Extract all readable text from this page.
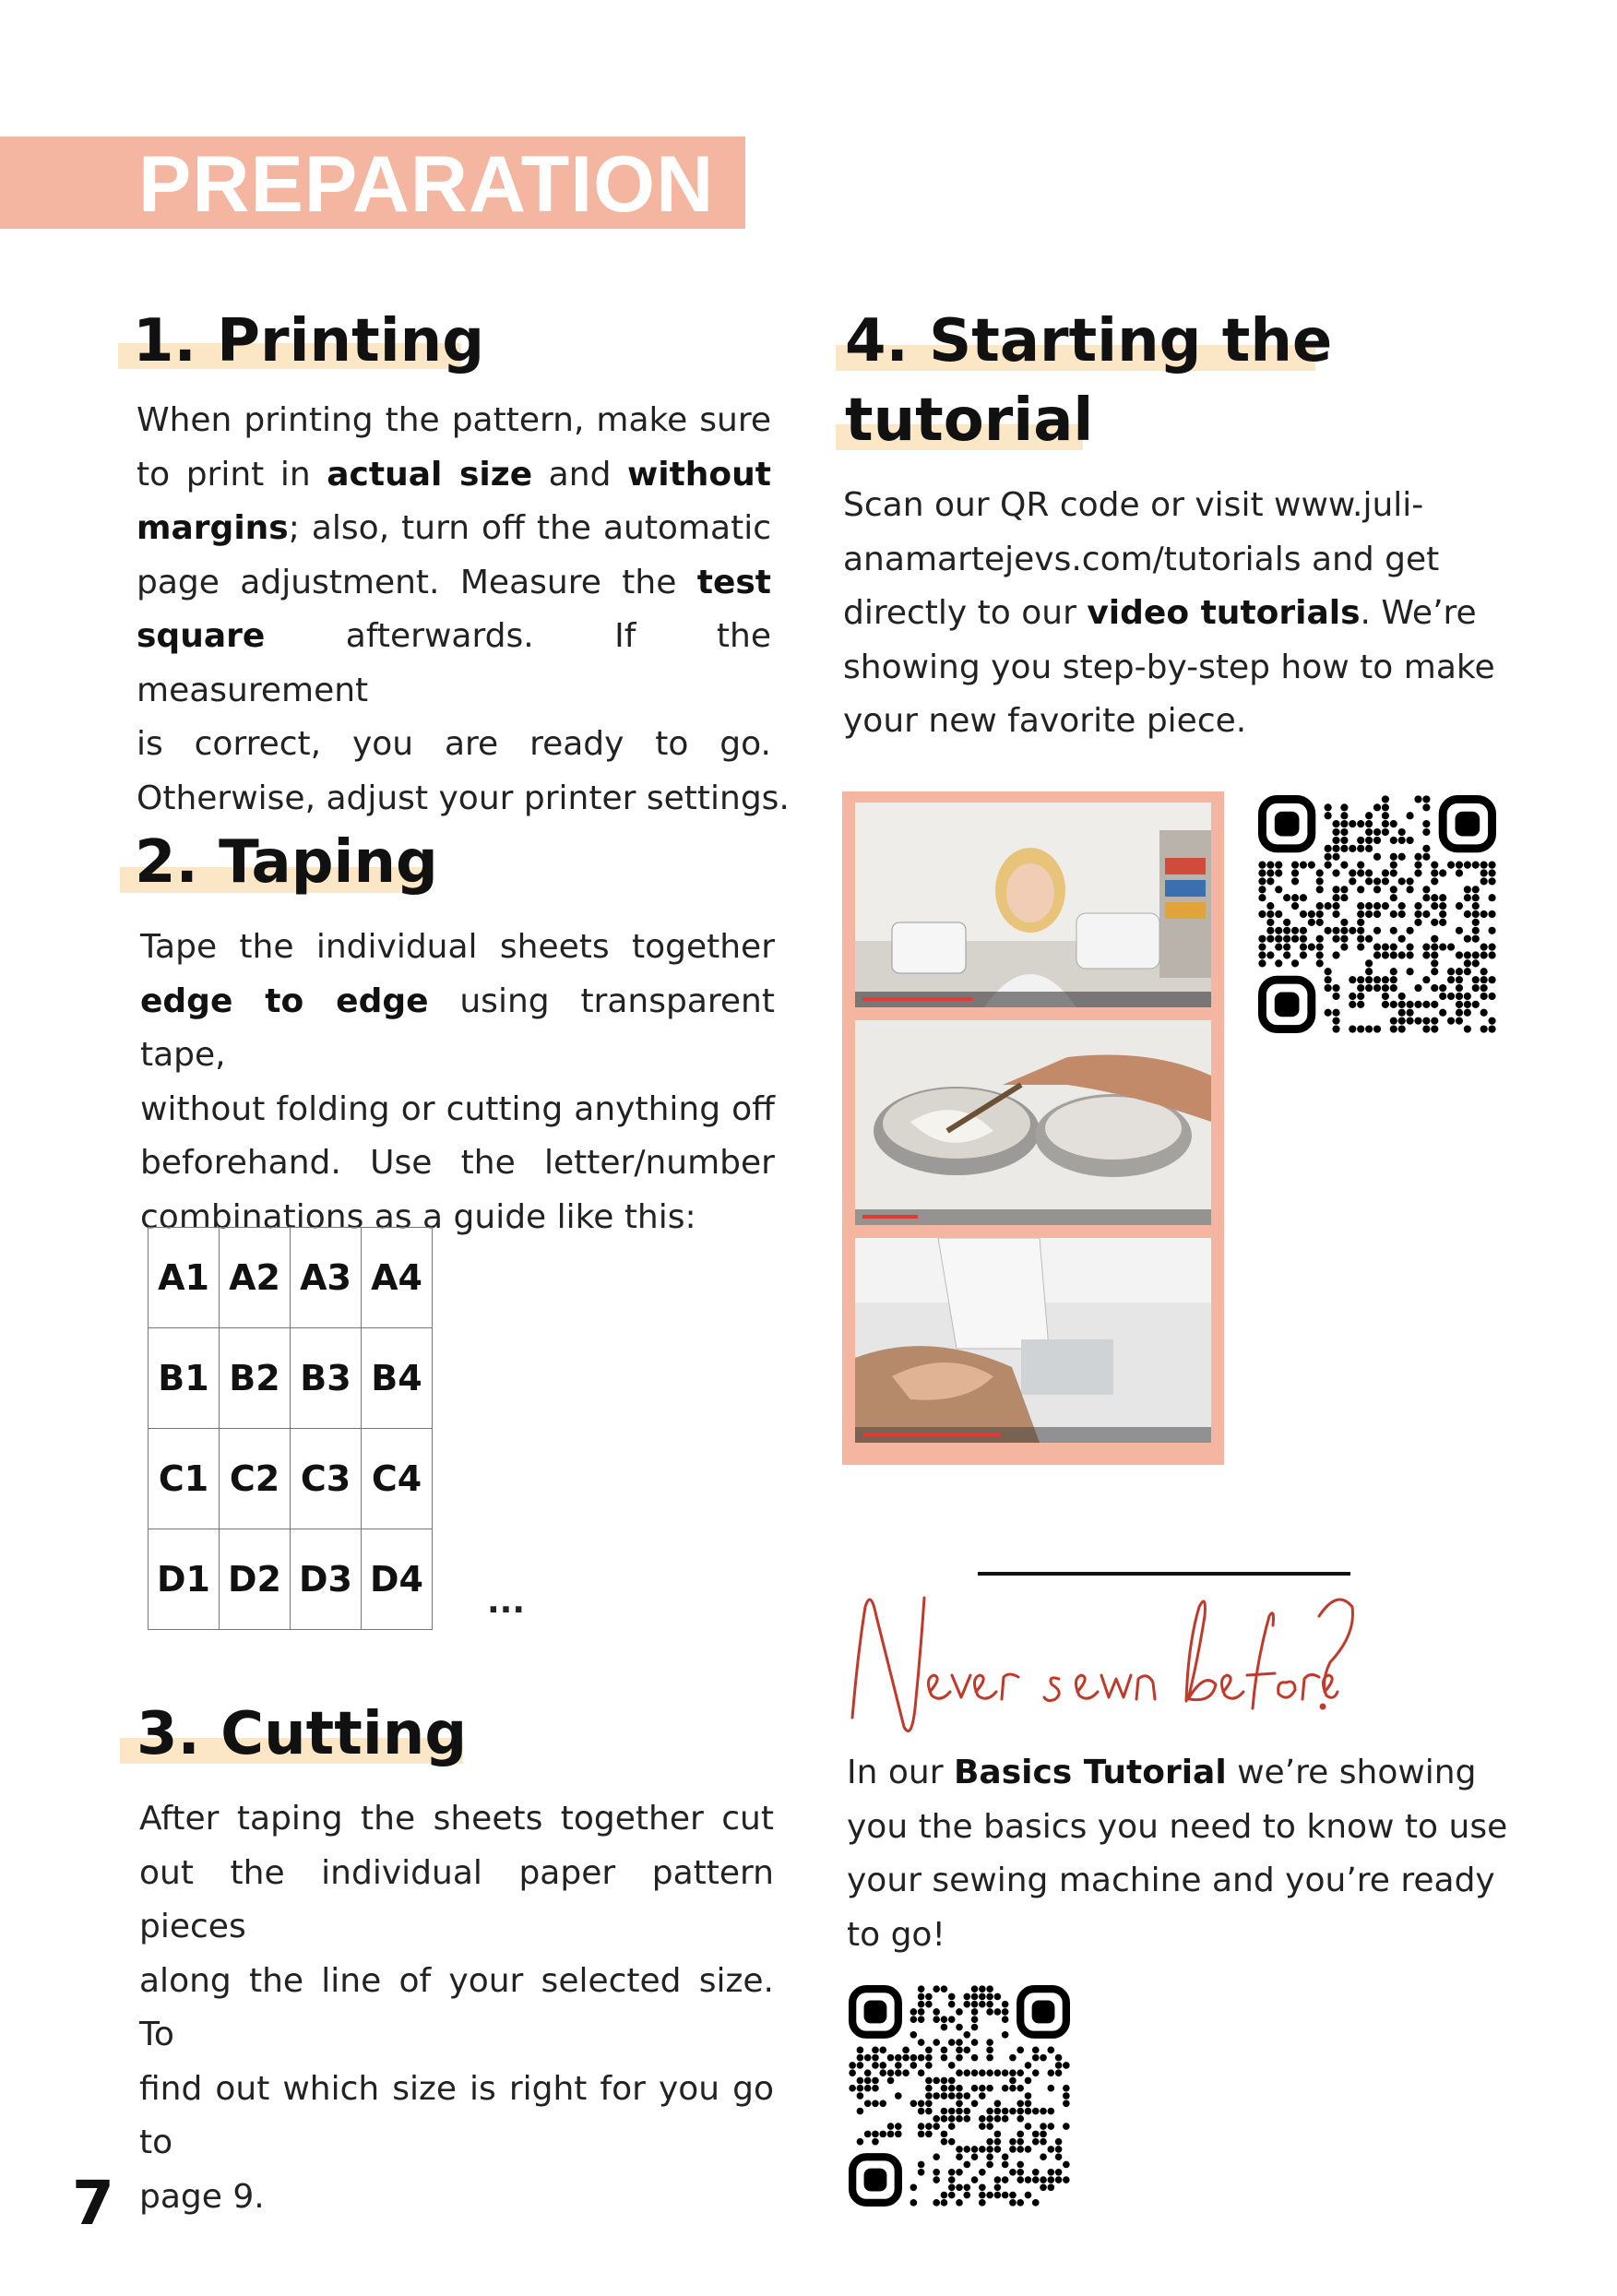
PREPARATION
1. Printing
When printing the pattern, make sure
to print in actual size and without
margins; also, turn off the automatic
page adjustment. Measure the test
square afterwards. If the measurement
is correct, you are ready to go.
Otherwise, adjust your printer settings.
2. Taping
Tape the individual sheets together
edge to edge using transparent tape,
without folding or cutting anything off
beforehand. Use the letter/number
combinations as a guide like this:
A1	A2	A3	A4
B1	B2	B3	B4
C1	C2	C3	C4
D1	D2	D3	D4
...
3. Cutting
After taping the sheets together cut
out the individual paper pattern pieces
along the line of your selected size. To
find out which size is right for you go to
page 9.
4. Starting the
tutorial
Scan our QR code or visit www.juli-
anamartejevs.com/tutorials and get
directly to our video tutorials. We’re
showing you step-by-step how to make
your new favorite piece.
In our Basics Tutorial we’re showing
you the basics you need to know to use
your sewing machine and you’re ready
to go!
7
